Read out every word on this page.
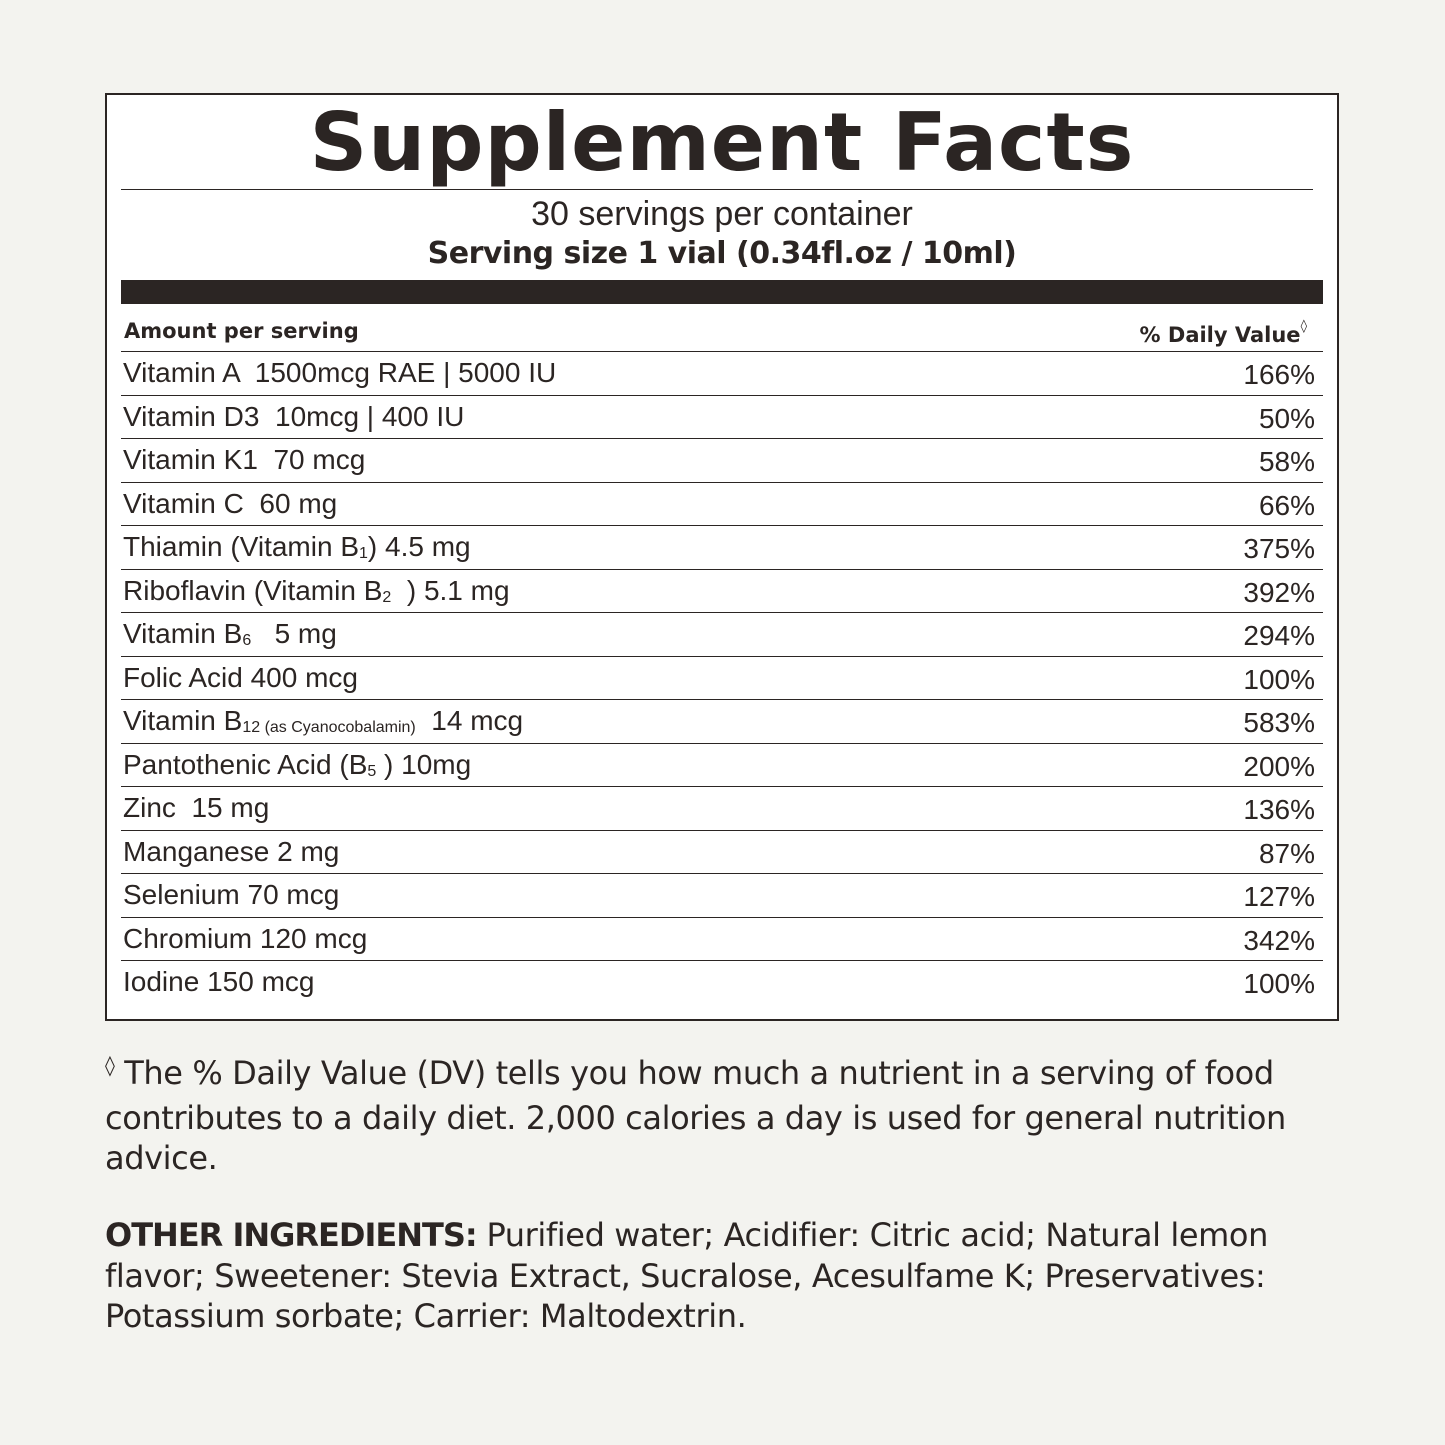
Supplement Facts
30 servings per container
Serving size 1 vial (0.34fl.oz / 10ml)
Amount per serving	% Daily Value◊
Vitamin A  1500mcg RAE | 5000 IU	166%
Vitamin D3  10mcg | 400 IU	50%
Vitamin K1  70 mcg	58%
Vitamin C  60 mg	66%
Thiamin (Vitamin B1) 4.5 mg	375%
Riboflavin (Vitamin B2  ) 5.1 mg	392%
Vitamin B6   5 mg	294%
Folic Acid 400 mcg	100%
Vitamin B12 (as Cyanocobalamin)  14 mcg	583%
Pantothenic Acid (B5 ) 10mg	200%
Zinc  15 mg	136%
Manganese 2 mg	87%
Selenium 70 mcg	127%
Chromium 120 mcg	342%
Iodine 150 mcg	100%
◊ The % Daily Value (DV) tells you how much a nutrient in a serving of food contributes to a daily diet. 2,000 calories a day is used for general nutrition advice.
OTHER INGREDIENTS: Purified water; Acidifier: Citric acid; Natural lemon flavor; Sweetener: Stevia Extract, Sucralose, Acesulfame K; Preservatives: Potassium sorbate; Carrier: Maltodextrin.
